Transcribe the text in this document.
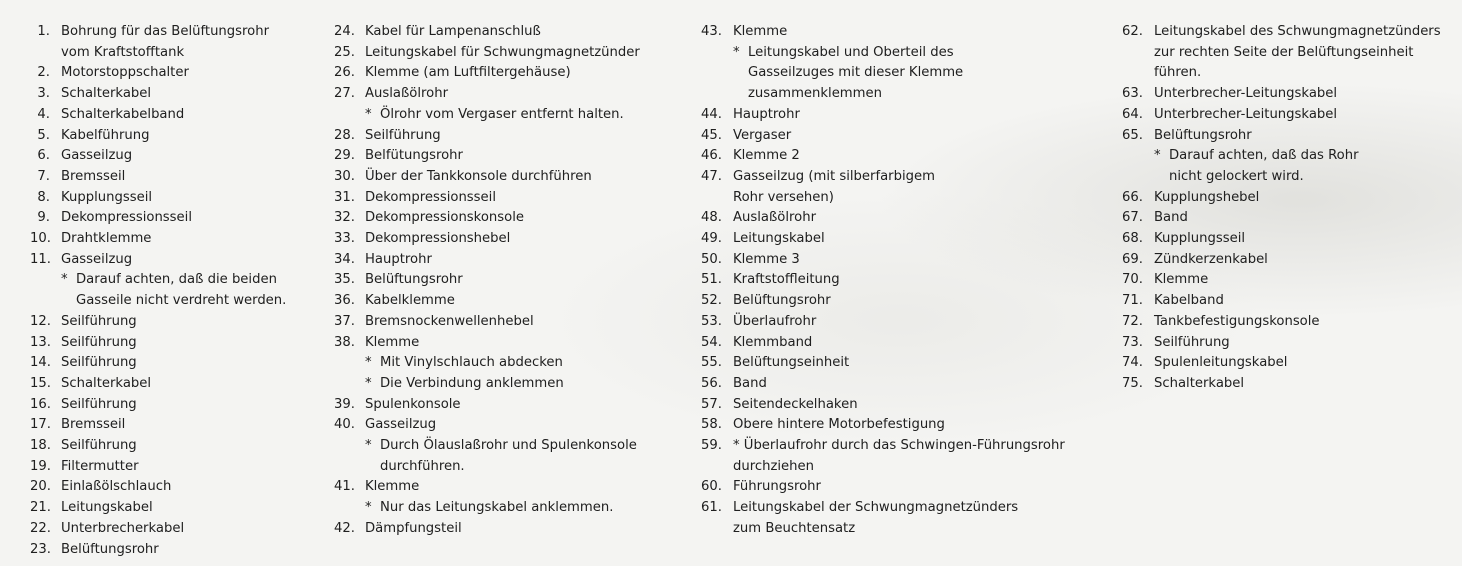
1. Bohrung für das Belüftungsrohr
vom Kraftstofftank
2. Motorstoppschalter
3. Schalterkabel
4. Schalterkabelband
5. Kabelführung
6. Gasseilzug
7. Bremsseil
8. Kupplungsseil
9. Dekompressionsseil
10. Drahtklemme
11. Gasseilzug
* Darauf achten, daß die beiden
Gasseile nicht verdreht werden.
12. Seilführung
13. Seilführung
14. Seilführung
15. Schalterkabel
16. Seilführung
17. Bremsseil
18. Seilführung
19. Filtermutter
20. Einlaßölschlauch
21. Leitungskabel
22. Unterbrecherkabel
23. Belüftungsrohr
24. Kabel für Lampenanschluß
25. Leitungskabel für Schwungmagnetzünder
26. Klemme (am Luftfiltergehäuse)
27. Auslaßölrohr
* Ölrohr vom Vergaser entfernt halten.
28. Seilführung
29. Belfütungsrohr
30. Über der Tankkonsole durchführen
31. Dekompressionsseil
32. Dekompressionskonsole
33. Dekompressionshebel
34. Hauptrohr
35. Belüftungsrohr
36. Kabelklemme
37. Bremsnockenwellenhebel
38. Klemme
* Mit Vinylschlauch abdecken
* Die Verbindung anklemmen
39. Spulenkonsole
40. Gasseilzug
* Durch Ölauslaßrohr und Spulenkonsole
durchführen.
41. Klemme
* Nur das Leitungskabel anklemmen.
42. Dämpfungsteil
43. Klemme
* Leitungskabel und Oberteil des
Gasseilzuges mit dieser Klemme
zusammenklemmen
44. Hauptrohr
45. Vergaser
46. Klemme 2
47. Gasseilzug (mit silberfarbigem
Rohr versehen)
48. Auslaßölrohr
49. Leitungskabel
50. Klemme 3
51. Kraftstoffleitung
52. Belüftungsrohr
53. Überlaufrohr
54. Klemmband
55. Belüftungseinheit
56. Band
57. Seitendeckelhaken
58. Obere hintere Motorbefestigung
59. * Überlaufrohr durch das Schwingen-Führungsrohr
durchziehen
60. Führungsrohr
61. Leitungskabel der Schwungmagnetzünders
zum Beuchtensatz
62. Leitungskabel des Schwungmagnetzünders
zur rechten Seite der Belüftungseinheit
führen.
63. Unterbrecher-Leitungskabel
64. Unterbrecher-Leitungskabel
65. Belüftungsrohr
* Darauf achten, daß das Rohr
nicht gelockert wird.
66. Kupplungshebel
67. Band
68. Kupplungsseil
69. Zündkerzenkabel
70. Klemme
71. Kabelband
72. Tankbefestigungskonsole
73. Seilführung
74. Spulenleitungskabel
75. Schalterkabel
